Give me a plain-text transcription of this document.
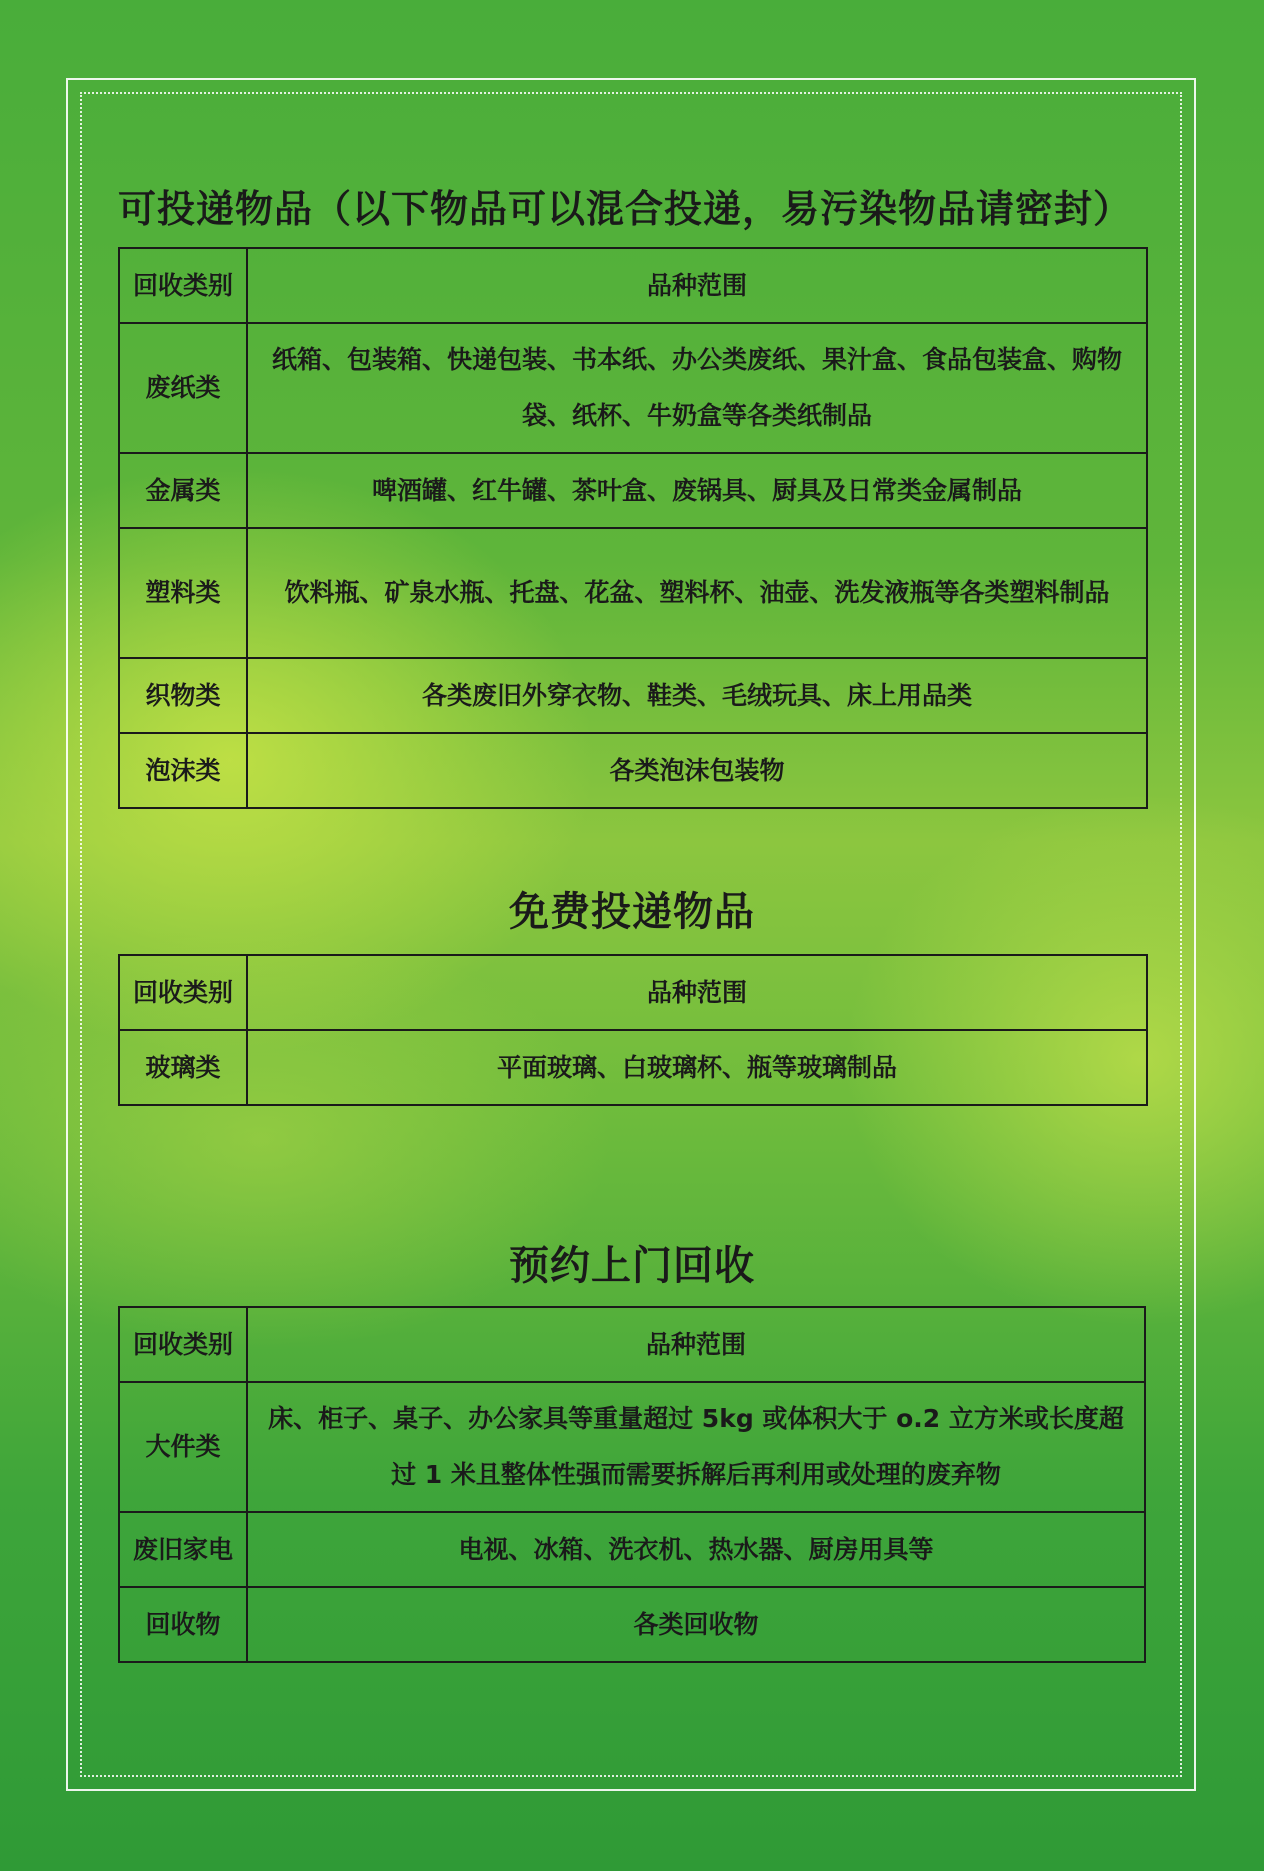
可投递物品（以下物品可以混合投递，易污染物品请密封）
回收类别	品种范围
废纸类	纸箱、包装箱、快递包装、书本纸、办公类废纸、果汁盒、食品包装盒、购物袋、纸杯、牛奶盒等各类纸制品
金属类	啤酒罐、红牛罐、茶叶盒、废锅具、厨具及日常类金属制品
塑料类	饮料瓶、矿泉水瓶、托盘、花盆、塑料杯、油壶、洗发液瓶等各类塑料制品
织物类	各类废旧外穿衣物、鞋类、毛绒玩具、床上用品类
泡沫类	各类泡沫包装物
免费投递物品
回收类别	品种范围
玻璃类	平面玻璃、白玻璃杯、瓶等玻璃制品
预约上门回收
回收类别	品种范围
大件类	床、柜子、桌子、办公家具等重量超过 5kg 或体积大于 o.2 立方米或长度超过 1 米且整体性强而需要拆解后再利用或处理的废弃物
废旧家电	电视、冰箱、洗衣机、热水器、厨房用具等
回收物	各类回收物
